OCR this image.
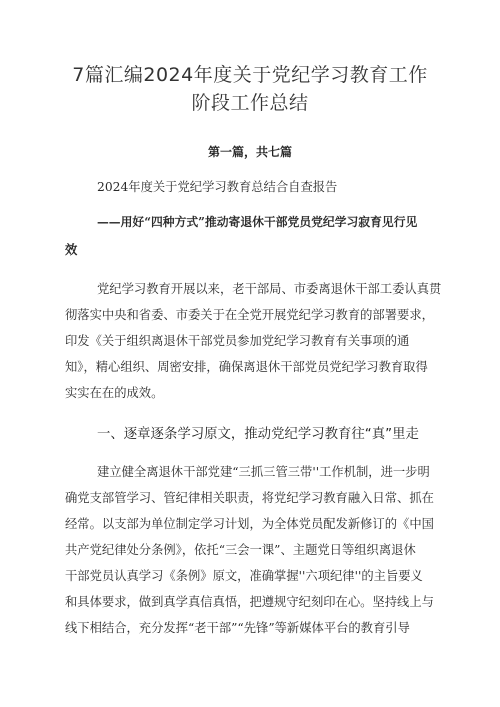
7篇汇编2024年度关于党纪学习教育工作
阶段工作总结

第一篇，共七篇

2024年度关于党纪学习教育总结合自查报告

——用好“四种方式”推动寄退休干部党员党纪学习寂育见行见

效

党纪学习教育开展以来，老干部局、市委离退休干部工委认真贯

彻落实中央和省委、市委关于在全党开展党纪学习教育的部署要求，

印发《关于组织离退休干部党员参加党纪学习教育有关事项的通

知》，精心组织、周密安排，确保离退休干部党员党纪学习教育取得

实实在在的成效。

一、逐章逐条学习原文，推动党纪学习教育往“真”里走

建立健全离退休干部党建“三抓三管三带''工作机制，进一步明

确党支部管学习、管纪律相关职责，将党纪学习教育融入日常、抓在

经常。以支部为单位制定学习计划，为全体党员配发新修订的《中国

共产党纪律处分条例》，依托“三会一课”、主题党日等组织离退休

干部党员认真学习《条例》原文，准确掌握''六项纪律''的主旨要义

和具体要求，做到真学真信真悟，把遵规守纪刻印在心。坚持线上与

线下相结合，充分发挥“老干部”“先锋”等新媒体平台的教育引导
